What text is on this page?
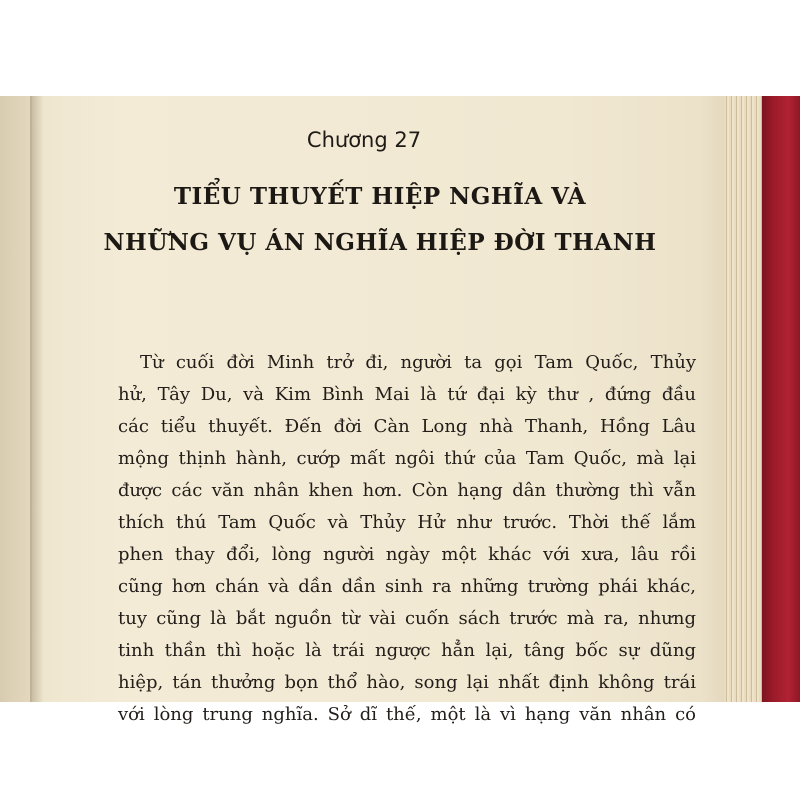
Chương 27
TIỂU THUYẾT HIỆP NGHĨA VÀ
NHỮNG VỤ ÁN NGHĨA HIỆP ĐỜI THANH
Từ cuối đời Minh trở đi, người ta gọi Tam Quốc, Thủy
hử, Tây Du, và Kim Bình Mai là tứ đại kỳ thư , đứng đầu
các tiểu thuyết. Đến đời Càn Long nhà Thanh, Hồng Lâu
mộng thịnh hành, cướp mất ngôi thứ của Tam Quốc, mà lại
được các văn nhân khen hơn. Còn hạng dân thường thì vẫn
thích thú Tam Quốc và Thủy Hử như trước. Thời thế lắm
phen thay đổi, lòng người ngày một khác với xưa, lâu rồi
cũng hơn chán và dần dần sinh ra những trường phái khác,
tuy cũng là bắt nguồn từ vài cuốn sách trước mà ra, nhưng
tinh thần thì hoặc là trái ngược hẳn lại, tâng bốc sự dũng
hiệp, tán thưởng bọn thổ hào, song lại nhất định không trái
với lòng trung nghĩa. Sở dĩ thế, một là vì hạng văn nhân có
